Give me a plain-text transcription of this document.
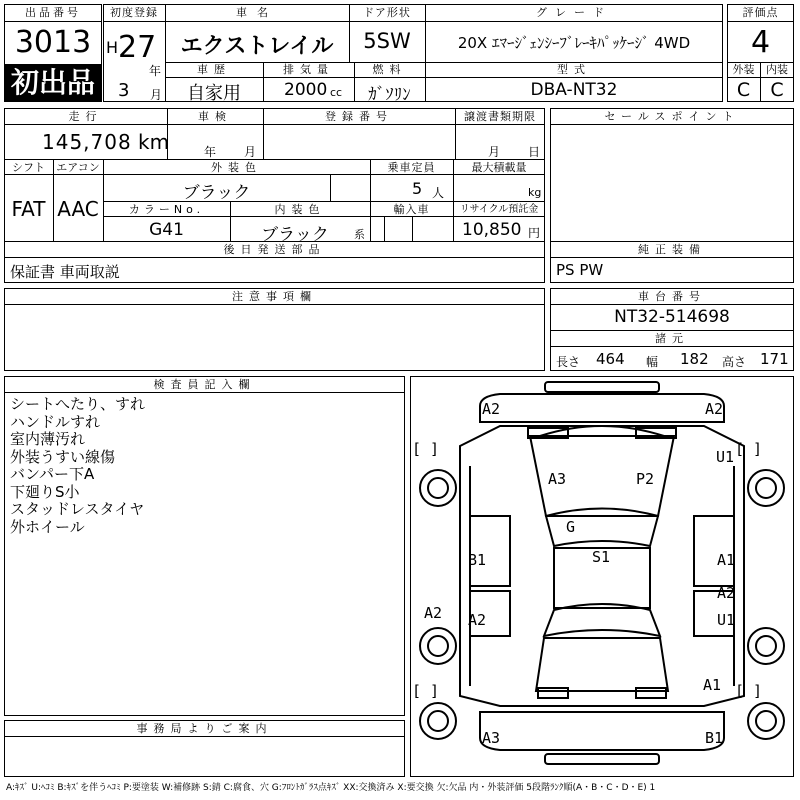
出品番号
3013
初出品
初度登録
H 27
年
3 月
車名
エクストレイル
ドア形状
5SW
グレード
20X ｴﾏｰｼﾞｪﾝｼｰﾌﾞﾚｰｷﾊﾟｯｹｰｼﾞ 4WD
車歴
自家用
排気量
2000 cc
燃料
ｶﾞｿﾘﾝ
型式
DBA-NT32
評価点
4
外装	内装
C	C
走行
145,708 km
車検
年 月
登録番号	譲渡書類期限
月 日
シフト
FAT
エアコン
AAC
外装色
ブラック
乗車定員
5 人
最大積載量
kg
カラーNo.
G41
内装色
ブラック	系
輸入車	リサイクル預託金
10,850 円
後日発送部品
保証書 車両取説
セールスポイント
純正装備
PS PW
注意事項欄	車台番号
NT32-514698
諸元
長さ 464 幅 182 高さ 171
検査員記入欄
シートへたり、すれ
ハンドルすれ
室内薄汚れ
外装うすい線傷
バンパー下A
下廻りS小
スタッドレスタイヤ
外ホイール
事務局よりご案内
A2	A2
[ ]	[ ]
U1
A3	P2
G
S1
B1	A1
A2
A2 A2	U1
[ ]	[ ]
A1
A3	B1
A:ｷｽﾞ U:ﾍｺﾐ B:ｷｽﾞを伴うﾍｺﾐ P:要塗装 W:補修跡 S:錆 C:腐食、穴 G:ﾌﾛﾝﾄｶﾞﾗｽ点ｷｽﾞ XX:交換済み X:要交換 欠:欠品 内・外装評価 5段階ﾗﾝｸ順(A・B・C・D・E) 1
